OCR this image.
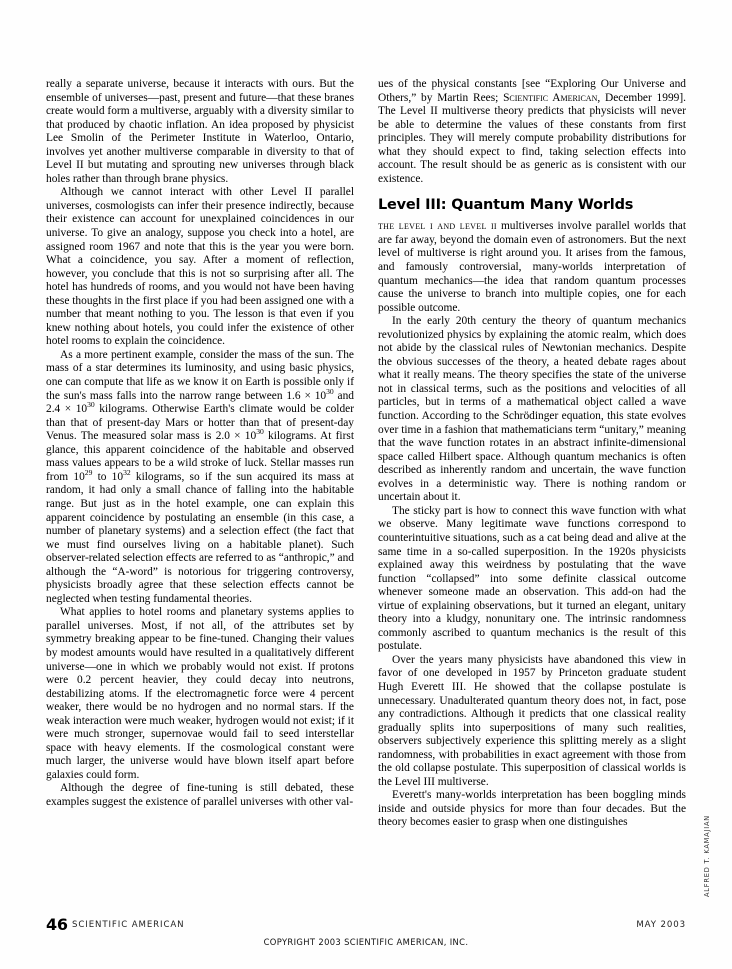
really a separate universe, because it interacts with ours. But the ensemble of universes—past, present and future—that these branes create would form a multiverse, arguably with a diversity similar to that produced by chaotic inflation. An idea proposed by physicist Lee Smolin of the Perimeter Institute in Waterloo, Ontario, involves yet another multiverse comparable in diversity to that of Level II but mutating and sprouting new universes through black holes rather than through brane physics.

Although we cannot interact with other Level II parallel universes, cosmologists can infer their presence indirectly, because their existence can account for unexplained coincidences in our universe. To give an analogy, suppose you check into a hotel, are assigned room 1967 and note that this is the year you were born. What a coincidence, you say. After a moment of reflection, however, you conclude that this is not so surprising after all. The hotel has hundreds of rooms, and you would not have been having these thoughts in the first place if you had been assigned one with a number that meant nothing to you. The lesson is that even if you knew nothing about hotels, you could infer the existence of other hotel rooms to explain the coincidence.

As a more pertinent example, consider the mass of the sun. The mass of a star determines its luminosity, and using basic physics, one can compute that life as we know it on Earth is possible only if the sun's mass falls into the narrow range between $1.6 \times 10^{30}$ and $2.4 \times 10^{30}$ kilograms. Otherwise Earth's climate would be colder than that of present-day Mars or hotter than that of present-day Venus. The measured solar mass is $2.0 \times 10^{30}$ kilograms. At first glance, this apparent coincidence of the habitable and observed mass values appears to be a wild stroke of luck. Stellar masses run from $10^{29}$ to $10^{32}$ kilograms, so if the sun acquired its mass at random, it had only a small chance of falling into the habitable range. But just as in the hotel example, one can explain this apparent coincidence by postulating an ensemble (in this case, a number of planetary systems) and a selection effect (the fact that we must find ourselves living on a habitable planet). Such observer-related selection effects are referred to as “anthropic,” and although the “A-word” is notorious for triggering controversy, physicists broadly agree that these selection effects cannot be neglected when testing fundamental theories.

What applies to hotel rooms and planetary systems applies to parallel universes. Most, if not all, of the attributes set by symmetry breaking appear to be fine-tuned. Changing their values by modest amounts would have resulted in a qualitatively different universe—one in which we probably would not exist. If protons were 0.2 percent heavier, they could decay into neutrons, destabilizing atoms. If the electromagnetic force were 4 percent weaker, there would be no hydrogen and no normal stars. If the weak interaction were much weaker, hydrogen would not exist; if it were much stronger, supernovae would fail to seed interstellar space with heavy elements. If the cosmological constant were much larger, the universe would have blown itself apart before galaxies could form.

Although the degree of fine-tuning is still debated, these examples suggest the existence of parallel universes with other val-

ues of the physical constants [see “Exploring Our Universe and Others,” by Martin Rees; Scientific American, December 1999]. The Level II multiverse theory predicts that physicists will never be able to determine the values of these constants from first principles. They will merely compute probability distributions for what they should expect to find, taking selection effects into account. The result should be as generic as is consistent with our existence.

Level III: Quantum Many Worlds

the level i and level ii multiverses involve parallel worlds that are far away, beyond the domain even of astronomers. But the next level of multiverse is right around you. It arises from the famous, and famously controversial, many-worlds interpretation of quantum mechanics—the idea that random quantum processes cause the universe to branch into multiple copies, one for each possible outcome.

In the early 20th century the theory of quantum mechanics revolutionized physics by explaining the atomic realm, which does not abide by the classical rules of Newtonian mechanics. Despite the obvious successes of the theory, a heated debate rages about what it really means. The theory specifies the state of the universe not in classical terms, such as the positions and velocities of all particles, but in terms of a mathematical object called a wave function. According to the Schrödinger equation, this state evolves over time in a fashion that mathematicians term “unitary,” meaning that the wave function rotates in an abstract infinite-dimensional space called Hilbert space. Although quantum mechanics is often described as inherently random and uncertain, the wave function evolves in a deterministic way. There is nothing random or uncertain about it.

The sticky part is how to connect this wave function with what we observe. Many legitimate wave functions correspond to counterintuitive situations, such as a cat being dead and alive at the same time in a so-called superposition. In the 1920s physicists explained away this weirdness by postulating that the wave function “collapsed” into some definite classical outcome whenever someone made an observation. This add-on had the virtue of explaining observations, but it turned an elegant, unitary theory into a kludgy, nonunitary one. The intrinsic randomness commonly ascribed to quantum mechanics is the result of this postulate.

Over the years many physicists have abandoned this view in favor of one developed in 1957 by Princeton graduate student Hugh Everett III. He showed that the collapse postulate is unnecessary. Unadulterated quantum theory does not, in fact, pose any contradictions. Although it predicts that one classical reality gradually splits into superpositions of many such realities, observers subjectively experience this splitting merely as a slight randomness, with probabilities in exact agreement with those from the old collapse postulate. This superposition of classical worlds is the Level III multiverse.

Everett's many-worlds interpretation has been boggling minds inside and outside physics for more than four decades. But the theory becomes easier to grasp when one distinguishes	ALFRED T. KAMAJIAN
46 SCIENTIFIC AMERICAN	MAY 2003
COPYRIGHT 2003 SCIENTIFIC AMERICAN, INC.
